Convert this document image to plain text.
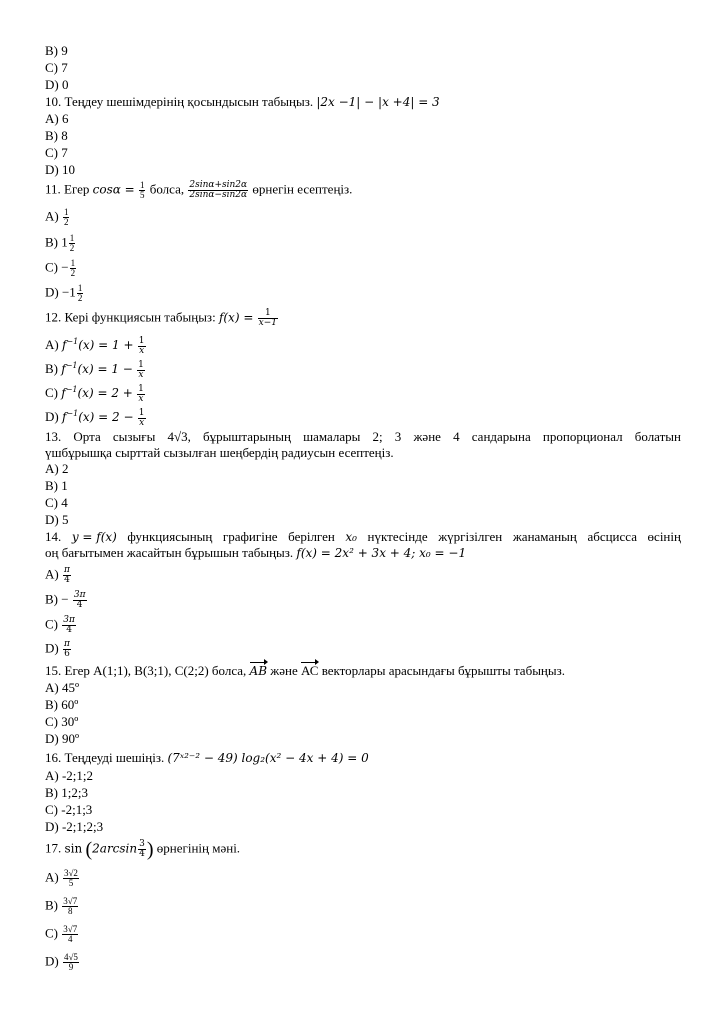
B) 9
C) 7
D) 0
10. Теңдеу шешімдерінің қосындысын табыңыз. |2𝑥 −1| − |𝑥 +4| = 3
A) 6
B) 8
C) 7
D) 10
11. Егер 𝑐𝑜𝑠𝛼 = $\frac{1}{5}$ болса, $\frac{\text{2𝑠𝑖𝑛𝛼+𝑠𝑖𝑛2𝛼}}{\text{2𝑠𝑖𝑛𝛼−𝑠𝑖𝑛2𝛼}}$ өрнегін есептеңіз.
$A) \frac{1}{2}$
B) $1 \frac{1}{2}$
$C) - \frac{1}{2}$
$D) -1 \frac{1}{2}$
12. Кері функциясын табыңыз: 𝑓(𝑥) = $\frac{1}{\text{𝑥−1}}$
A) 𝑓$^{-1}$(𝑥) = $1 + \frac{1}{\text{𝑥}}$
B) 𝑓$^{-1}$(𝑥) = $1 - \frac{1}{\text{𝑥}}$
C) 𝑓$^{-1}$(𝑥) = $2 + \frac{1}{\text{𝑥}}$
D) 𝑓$^{-1}$(𝑥) = $2 - \frac{1}{\text{𝑥}}$
13. Орта сызығы 4√3, бұрыштарының шамалары 2; 3 және 4 сандарына пропорционал болатын
үшбұрышқа сырттай сызылған шеңбердің радиусын есептеңіз.
A) 2
B) 1
C) 4
D) 5
14. 𝑦 = 𝑓(𝑥) функциясының графигіне берілген 𝑥₀ нүктесінде жүргізілген жанаманың абсцисса өсінің
оң бағытымен жасайтын бұрышын табыңыз. 𝑓(𝑥) = 2𝑥² + 3𝑥 + 4; 𝑥₀ = −1
$A) \frac{\text{𝜋}}{4}$
$B) - \frac{\text{3𝜋}}{4}$
$C) \frac{\text{3𝜋}}{4}$
$D) \frac{\text{𝜋}}{6}$
15. Егер А(1;1), В(3;1), С(2;2) болса, 𝐴𝐵 және АС векторлары арасындағы бұрышты табыңыз.
A) 45º
B) 60º
C) 30º
D) 90º
16. Теңдеуді шешіңіз. (7ˣ²⁻² − 49) log₂(𝑥² − 4𝑥 + 4) = 0
A) -2;1;2
B) 1;2;3
C) -2;1;3
D) -2;1;2;3
17. sin (2𝑎𝑟𝑐𝑠𝑖𝑛 $\frac{3}{4}$ ) өрнегінің мәні.
$A) \frac{3√2}{5}$
$B) \frac{3√7}{8}$
$C) \frac{3√7}{4}$
$D) \frac{4√5}{9}$
